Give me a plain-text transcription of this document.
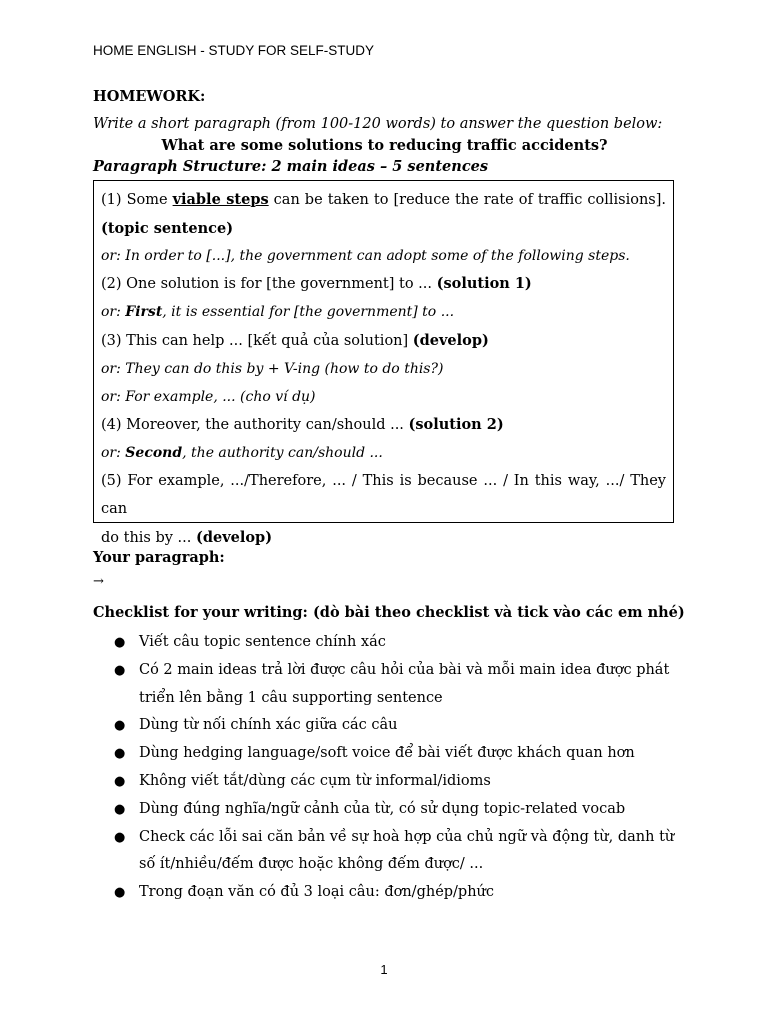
HOME ENGLISH - STUDY FOR SELF-STUDY
HOMEWORK:
Write a short paragraph (from 100-120 words) to answer the question below:
What are some solutions to reducing traffic accidents?
Paragraph Structure: 2 main ideas – 5 sentences
(1) Some viable steps can be taken to [reduce the rate of traffic collisions].
(topic sentence)
or: In order to [...], the government can adopt some of the following steps.
(2) One solution is for [the government] to ... (solution 1)
or: First, it is essential for [the government] to ...
(3) This can help ... [kết quả của solution] (develop)
or: They can do this by + V-ing (how to do this?)
or: For example, ... (cho ví dụ)
(4) Moreover, the authority can/should ... (solution 2)
or: Second, the authority can/should ...
(5) For example, .../Therefore, ... / This is because ... / In this way, .../ They can
do this by ... (develop)
Your paragraph:
→
Checklist for your writing: (dò bài theo checklist và tick vào các em nhé)
● Viết câu topic sentence chính xác
● Có 2 main ideas trả lời được câu hỏi của bài và mỗi main idea được phát triển lên bằng 1 câu supporting sentence
● Dùng từ nối chính xác giữa các câu
● Dùng hedging language/soft voice để bài viết được khách quan hơn
● Không viết tắt/dùng các cụm từ informal/idioms
● Dùng đúng nghĩa/ngữ cảnh của từ, có sử dụng topic-related vocab
● Check các lỗi sai căn bản về sự hoà hợp của chủ ngữ và động từ, danh từ số ít/nhiều/đếm được hoặc không đếm được/ ...
● Trong đoạn văn có đủ 3 loại câu: đơn/ghép/phức
1
